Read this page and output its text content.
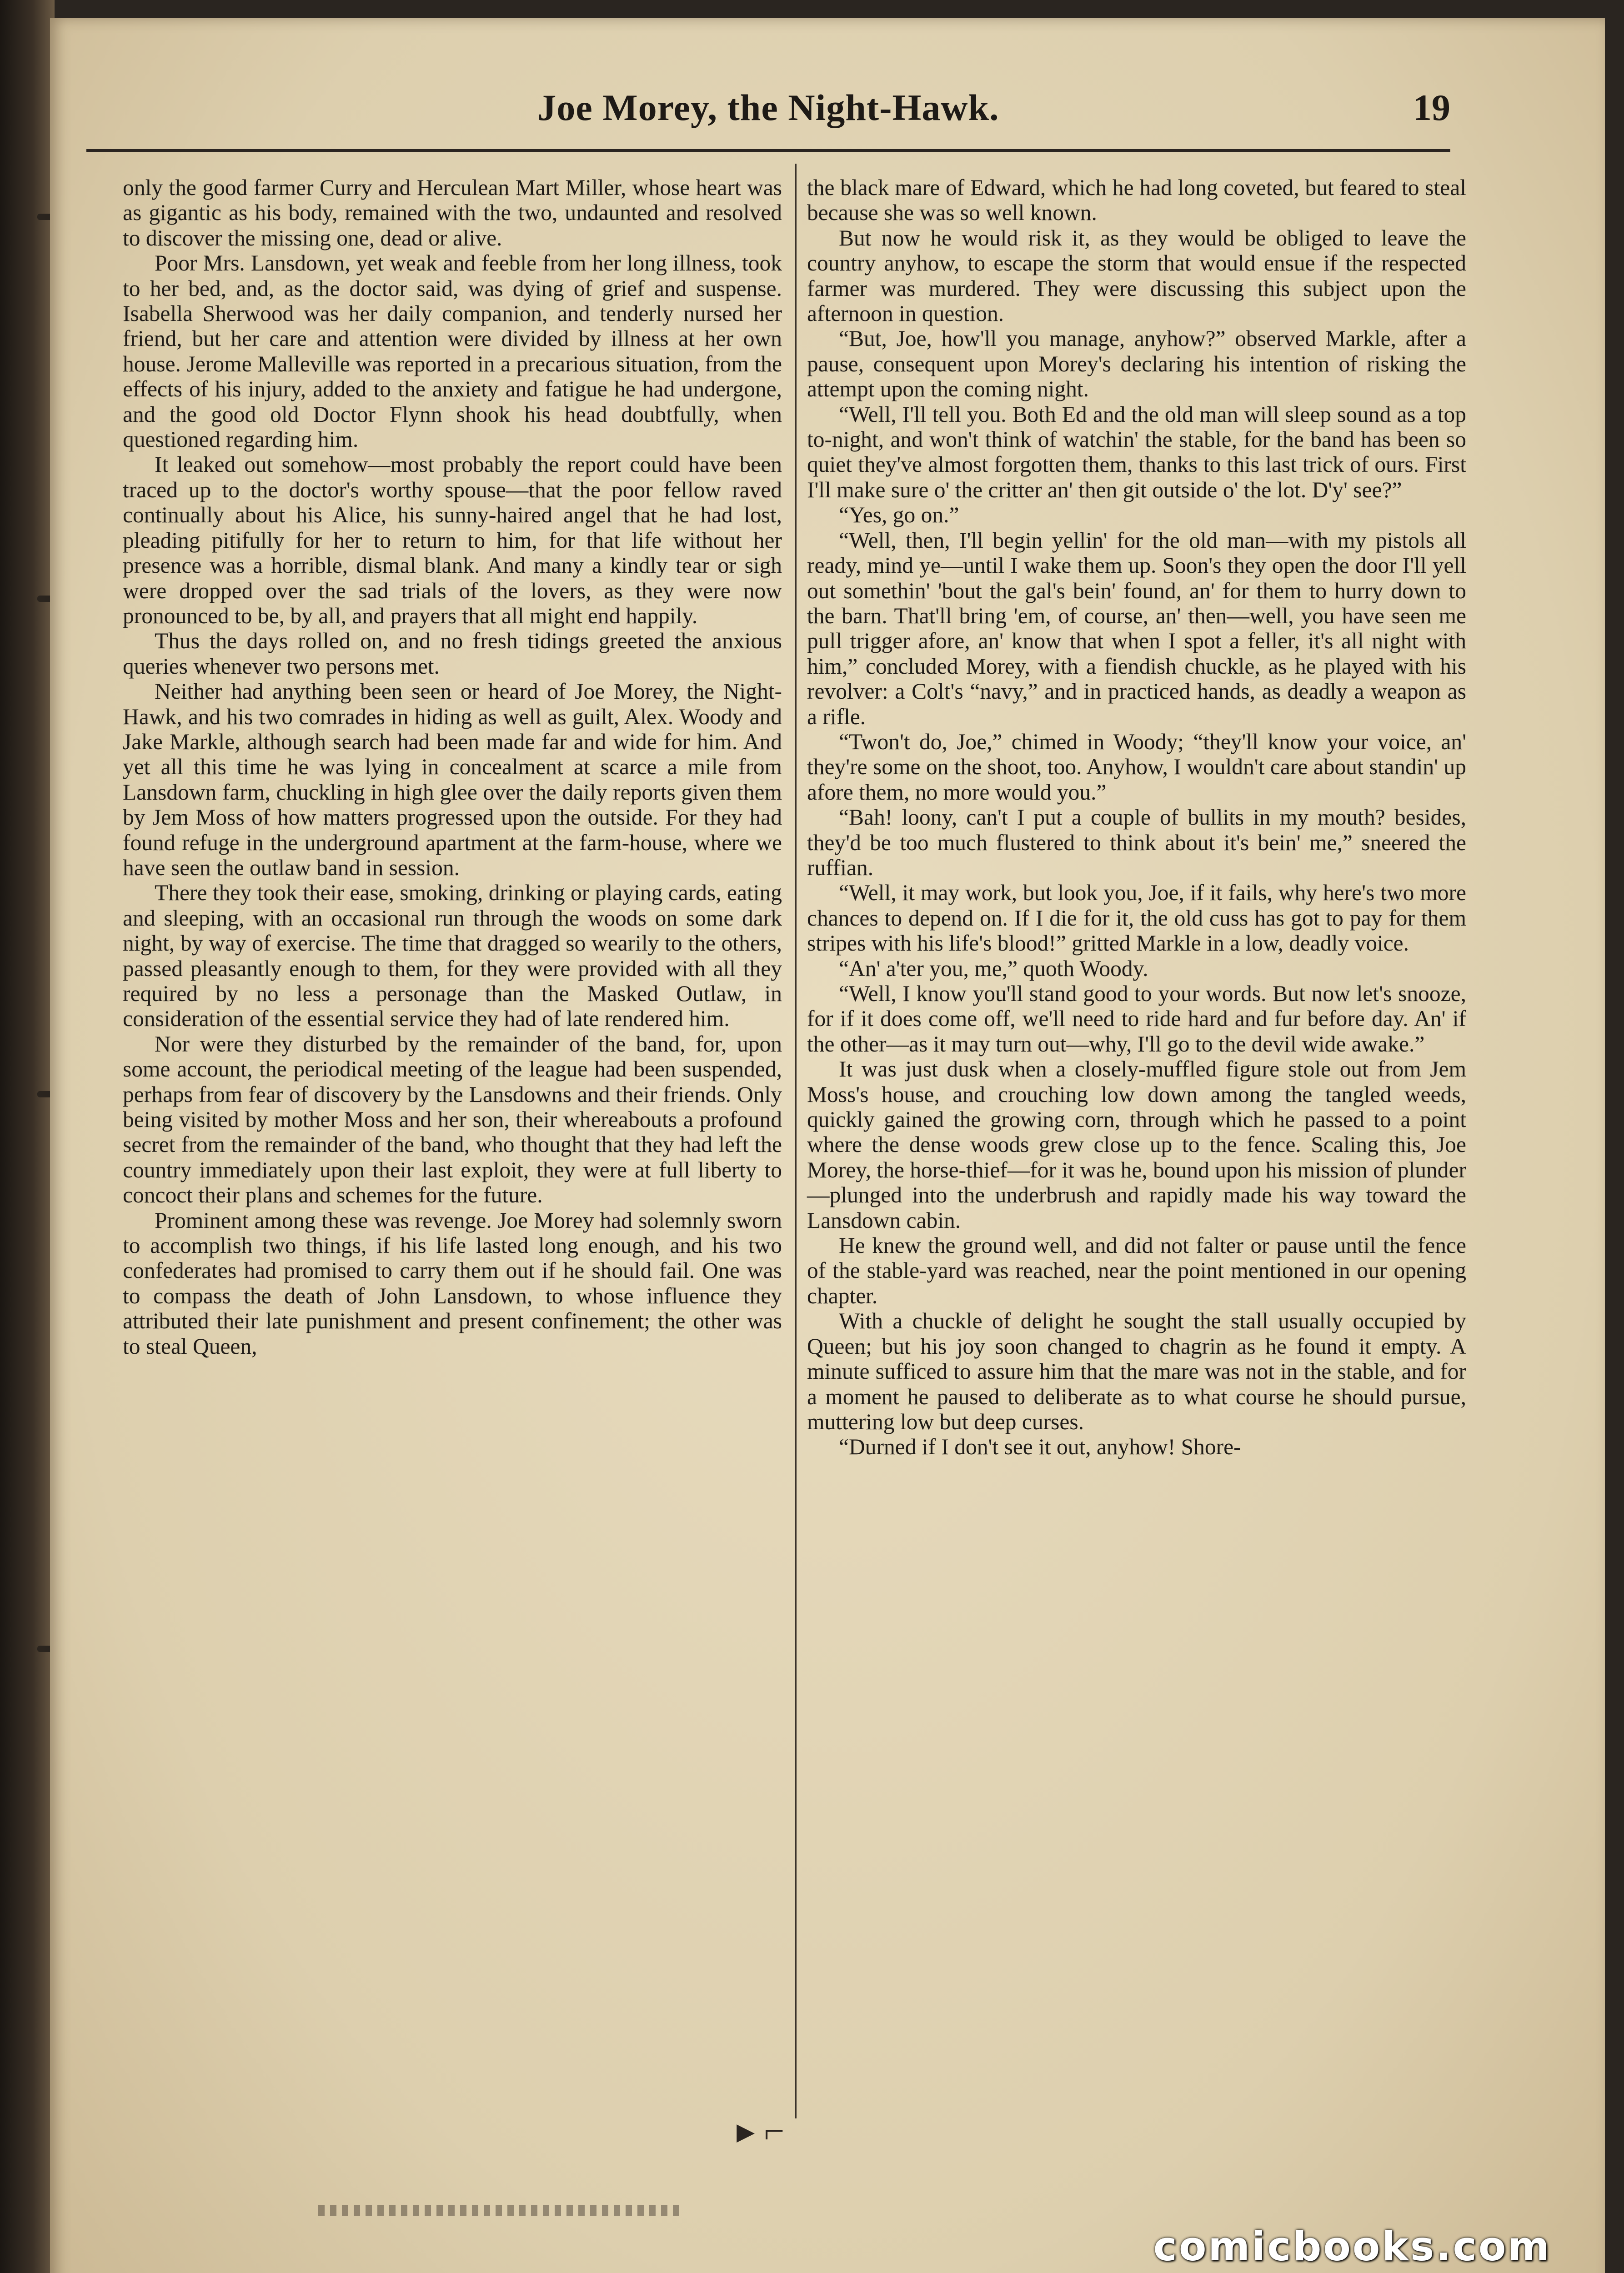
Joe Morey, the Night-Hawk.	19

only the good farmer Curry and Herculean Mart Miller, whose heart was as gigantic as his body, remained with the two, undaunted and resolved to discover the missing one, dead or alive.

Poor Mrs. Lansdown, yet weak and feeble from her long illness, took to her bed, and, as the doctor said, was dying of grief and suspense. Isabella Sherwood was her daily companion, and tenderly nursed her friend, but her care and attention were divided by illness at her own house. Jerome Malleville was reported in a precarious situation, from the effects of his injury, added to the anxiety and fatigue he had undergone, and the good old Doctor Flynn shook his head doubtfully, when questioned regarding him.

It leaked out somehow—most probably the report could have been traced up to the doctor's worthy spouse—that the poor fellow raved continually about his Alice, his sunny-haired angel that he had lost, pleading pitifully for her to return to him, for that life without her presence was a horrible, dismal blank. And many a kindly tear or sigh were dropped over the sad trials of the lovers, as they were now pronounced to be, by all, and prayers that all might end happily.

Thus the days rolled on, and no fresh tidings greeted the anxious queries whenever two persons met.

Neither had anything been seen or heard of Joe Morey, the Night-Hawk, and his two comrades in hiding as well as guilt, Alex. Woody and Jake Markle, although search had been made far and wide for him. And yet all this time he was lying in concealment at scarce a mile from Lansdown farm, chuckling in high glee over the daily reports given them by Jem Moss of how matters progressed upon the outside. For they had found refuge in the underground apartment at the farm-house, where we have seen the outlaw band in session.

There they took their ease, smoking, drinking or playing cards, eating and sleeping, with an occasional run through the woods on some dark night, by way of exercise. The time that dragged so wearily to the others, passed pleasantly enough to them, for they were provided with all they required by no less a personage than the Masked Outlaw, in consideration of the essential service they had of late rendered him.

Nor were they disturbed by the remainder of the band, for, upon some account, the periodical meeting of the league had been suspended, perhaps from fear of discovery by the Lansdowns and their friends. Only being visited by mother Moss and her son, their whereabouts a profound secret from the remainder of the band, who thought that they had left the country immediately upon their last exploit, they were at full liberty to concoct their plans and schemes for the future.

Prominent among these was revenge. Joe Morey had solemnly sworn to accomplish two things, if his life lasted long enough, and his two confederates had promised to carry them out if he should fail. One was to compass the death of John Lansdown, to whose influence they attributed their late punishment and present confinement; the other was to steal Queen,

the black mare of Edward, which he had long coveted, but feared to steal because she was so well known.

But now he would risk it, as they would be obliged to leave the country anyhow, to escape the storm that would ensue if the respected farmer was murdered. They were discussing this subject upon the afternoon in question.

“But, Joe, how'll you manage, anyhow?” observed Markle, after a pause, consequent upon Morey's declaring his intention of risking the attempt upon the coming night.

“Well, I'll tell you. Both Ed and the old man will sleep sound as a top to-night, and won't think of watchin' the stable, for the band has been so quiet they've almost forgotten them, thanks to this last trick of ours. First I'll make sure o' the critter an' then git outside o' the lot. D'y' see?”

“Yes, go on.”

“Well, then, I'll begin yellin' for the old man—with my pistols all ready, mind ye—until I wake them up. Soon's they open the door I'll yell out somethin' 'bout the gal's bein' found, an' for them to hurry down to the barn. That'll bring 'em, of course, an' then—well, you have seen me pull trigger afore, an' know that when I spot a feller, it's all night with him,” concluded Morey, with a fiendish chuckle, as he played with his revolver: a Colt's “navy,” and in practiced hands, as deadly a weapon as a rifle.

“Twon't do, Joe,” chimed in Woody; “they'll know your voice, an' they're some on the shoot, too. Anyhow, I wouldn't care about standin' up afore them, no more would you.”

“Bah! loony, can't I put a couple of bullits in my mouth? besides, they'd be too much flustered to think about it's bein' me,” sneered the ruffian.

“Well, it may work, but look you, Joe, if it fails, why here's two more chances to depend on. If I die for it, the old cuss has got to pay for them stripes with his life's blood!” gritted Markle in a low, deadly voice.

“An' a'ter you, me,” quoth Woody.

“Well, I know you'll stand good to your words. But now let's snooze, for if it does come off, we'll need to ride hard and fur before day. An' if the other—as it may turn out—why, I'll go to the devil wide awake.”

It was just dusk when a closely-muffled figure stole out from Jem Moss's house, and crouching low down among the tangled weeds, quickly gained the growing corn, through which he passed to a point where the dense woods grew close up to the fence. Scaling this, Joe Morey, the horse-thief—for it was he, bound upon his mission of plunder—plunged into the underbrush and rapidly made his way toward the Lansdown cabin.

He knew the ground well, and did not falter or pause until the fence of the stable-yard was reached, near the point mentioned in our opening chapter.

With a chuckle of delight he sought the stall usually occupied by Queen; but his joy soon changed to chagrin as he found it empty. A minute sufficed to assure him that the mare was not in the stable, and for a moment he paused to deliberate as to what course he should pursue, muttering low but deep curses.

“Durned if I don't see it out, anyhow! Shore-

▸ ⌐
comicbooks.com
